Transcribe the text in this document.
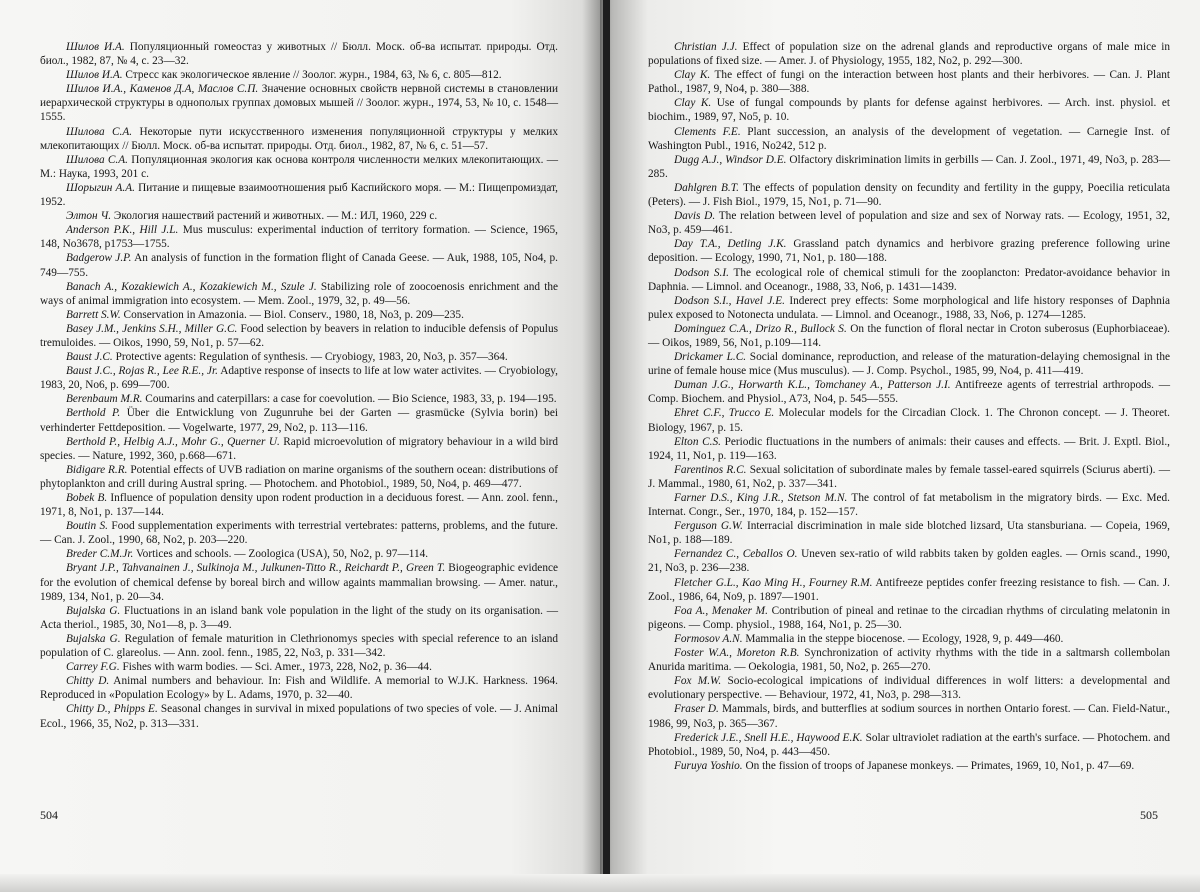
Шилов И.А. Популяционный гомеостаз у животных // Бюлл. Моск. об-ва испытат. природы. Отд. биол., 1982, 87, № 4, с. 23—32.

Шилов И.А. Стресс как экологическое явление // Зоолог. журн., 1984, 63, № 6, с. 805—812.

Шилов И.А., Каменов Д.А, Маслов С.П. Значение основных свойств нервной системы в становлении иерархической структуры в однополых группах домовых мышей // Зоолог. журн., 1974, 53, № 10, с. 1548—1555.

Шилова С.А. Некоторые пути искусственного изменения популяционной структуры у мелких млекопитающих // Бюлл. Моск. об-ва испытат. природы. Отд. биол., 1982, 87, № 6, с. 51—57.

Шилова С.А. Популяционная экология как основа контроля численности мелких млекопитающих. — М.: Наука, 1993, 201 с.

Шорыгин А.А. Питание и пищевые взаимоотношения рыб Каспийского моря. — М.: Пищепромиздат, 1952.

Элтон Ч. Экология нашествий растений и животных. — М.: ИЛ, 1960, 229 с.

Anderson P.K., Hill J.L. Mus musculus: experimental induction of territory formation. — Science, 1965, 148, No3678, p1753—1755.

Badgerow J.P. An analysis of function in the formation flight of Canada Geese. — Auk, 1988, 105, No4, p. 749—755.

Banach A., Kozakiewich A., Kozakiewich M., Szule J. Stabilizing role of zoocoenosis enrichment and the ways of animal immigration into ecosystem. — Mem. Zool., 1979, 32, p. 49—56.

Barrett S.W. Conservation in Amazonia. — Biol. Conserv., 1980, 18, No3, p. 209—235.

Basey J.M., Jenkins S.H., Miller G.C. Food selection by beavers in relation to inducible defensis of Populus tremuloides. — Oikos, 1990, 59, No1, p. 57—62.

Baust J.C. Protective agents: Regulation of synthesis. — Cryobiogy, 1983, 20, No3, p. 357—364.

Baust J.C., Rojas R., Lee R.E., Jr. Adaptive response of insects to life at low water activites. — Cryobiology, 1983, 20, No6, p. 699—700.

Berenbaum M.R. Coumarins and caterpillars: a case for coevolution. — Bio Science, 1983, 33, p. 194—195.

Berthold P. Über die Entwicklung von Zugunruhe bei der Garten — grasmücke (Sylvia borin) bei verhinderter Fettdeposition. — Vogelwarte, 1977, 29, No2, p. 113—116.

Berthold P., Helbig A.J., Mohr G., Querner U. Rapid microevolution of migratory behaviour in a wild bird species. — Nature, 1992, 360, p.668—671.

Bidigare R.R. Potential effects of UVB radiation on marine organisms of the southern ocean: distributions of phytoplankton and crill during Austral spring. — Photochem. and Photobiol., 1989, 50, No4, p. 469—477.

Bobek B. Influence of population density upon rodent production in a deciduous forest. — Ann. zool. fenn., 1971, 8, No1, p. 137—144.

Boutin S. Food supplementation experiments with terrestrial vertebrates: patterns, problems, and the future. — Can. J. Zool., 1990, 68, No2, p. 203—220.

Breder C.M.Jr. Vortices and schools. — Zoologica (USA), 50, No2, p. 97—114.

Bryant J.P., Tahvanainen J., Sulkinoja M., Julkunen-Titto R., Reichardt P., Green T. Biogeographic evidence for the evolution of chemical defense by boreal birch and willow againts mammalian browsing. — Amer. natur., 1989, 134, No1, p. 20—34.

Bujalska G. Fluctuations in an island bank vole population in the light of the study on its organisation. — Acta theriol., 1985, 30, No1—8, p. 3—49.

Bujalska G. Regulation of female maturition in Clethrionomys species with special reference to an island population of C. glareolus. — Ann. zool. fenn., 1985, 22, No3, p. 331—342.

Carrey F.G. Fishes with warm bodies. — Sci. Amer., 1973, 228, No2, p. 36—44.

Chitty D. Animal numbers and behaviour. In: Fish and Wildlife. A memorial to W.J.K. Harkness. 1964. Reproduced in «Population Ecology» by L. Adams, 1970, p. 32—40.

Chitty D., Phipps E. Seasonal changes in survival in mixed populations of two species of vole. — J. Animal Ecol., 1966, 35, No2, p. 313—331.

Christian J.J. Effect of population size on the adrenal glands and reproductive organs of male mice in populations of fixed size. — Amer. J. of Physiology, 1955, 182, No2, p. 292—300.

Clay K. The effect of fungi on the interaction between host plants and their herbivores. — Can. J. Plant Pathol., 1987, 9, No4, p. 380—388.

Clay K. Use of fungal compounds by plants for defense against herbivores. — Arch. inst. physiol. et biochim., 1989, 97, No5, p. 10.

Clements F.E. Plant succession, an analysis of the development of vegetation. — Carnegie Inst. of Washington Publ., 1916, No242, 512 p.

Dugg A.J., Windsor D.E. Olfactory diskrimination limits in gerbills — Can. J. Zool., 1971, 49, No3, p. 283—285.

Dahlgren B.T. The effects of population density on fecundity and fertility in the guppy, Poecilia reticulata (Peters). — J. Fish Biol., 1979, 15, No1, p. 71—90.

Davis D. The relation between level of population and size and sex of Norway rats. — Ecology, 1951, 32, No3, p. 459—461.

Day T.A., Detling J.K. Grassland patch dynamics and herbivore grazing preference following urine deposition. — Ecology, 1990, 71, No1, p. 180—188.

Dodson S.I. The ecological role of chemical stimuli for the zooplancton: Predator-avoidance behavior in Daphnia. — Limnol. and Oceanogr., 1988, 33, No6, p. 1431—1439.

Dodson S.I., Havel J.E. Inderect prey effects: Some morphological and life history responses of Daphnia pulex exposed to Notonecta undulata. — Limnol. and Oceanogr., 1988, 33, No6, p. 1274—1285.

Dominguez C.A., Drizo R., Bullock S. On the function of floral nectar in Croton suberosus (Euphorbiaceae). — Oikos, 1989, 56, No1, p.109—114.

Drickamer L.C. Social dominance, reproduction, and release of the maturation-delaying chemosignal in the urine of female house mice (Mus musculus). — J. Comp. Psychol., 1985, 99, No4, p. 411—419.

Duman J.G., Horwarth K.L., Tomchaney A., Patterson J.I. Antifreeze agents of terrestrial arthropods. — Comp. Biochem. and Physiol., A73, No4, p. 545—555.

Ehret C.F., Trucco E. Molecular models for the Circadian Clock. 1. The Chronon concept. — J. Theoret. Biology, 1967, p. 15.

Elton C.S. Periodic fluctuations in the numbers of animals: their causes and effects. — Brit. J. Exptl. Biol., 1924, 11, No1, p. 119—163.

Farentinos R.C. Sexual solicitation of subordinate males by female tassel-eared squirrels (Sciurus aberti). — J. Mammal., 1980, 61, No2, p. 337—341.

Farner D.S., King J.R., Stetson M.N. The control of fat metabolism in the migratory birds. — Exc. Med. Internat. Congr., Ser., 1970, 184, p. 152—157.

Ferguson G.W. Interracial discrimination in male side blotched lizsard, Uta stansburiana. — Copeia, 1969, No1, p. 188—189.

Fernandez C., Ceballos O. Uneven sex-ratio of wild rabbits taken by golden eagles. — Ornis scand., 1990, 21, No3, p. 236—238.

Fletcher G.L., Kao Ming H., Fourney R.M. Antifreeze peptides confer freezing resistance to fish. — Can. J. Zool., 1986, 64, No9, p. 1897—1901.

Foa A., Menaker M. Contribution of pineal and retinae to the circadian rhythms of circulating melatonin in pigeons. — Comp. physiol., 1988, 164, No1, p. 25—30.

Formosov A.N. Mammalia in the steppe biocenose. — Ecology, 1928, 9, p. 449—460.

Foster W.A., Moreton R.B. Synchronization of activity rhythms with the tide in a saltmarsh collembolan Anurida maritima. — Oekologia, 1981, 50, No2, p. 265—270.

Fox M.W. Socio-ecological impications of individual differences in wolf litters: a developmental and evolutionary perspective. — Behaviour, 1972, 41, No3, p. 298—313.

Fraser D. Mammals, birds, and butterflies at sodium sources in northen Ontario forest. — Can. Field-Natur., 1986, 99, No3, p. 365—367.

Frederick J.E., Snell H.E., Haywood E.K. Solar ultraviolet radiation at the earth's surface. — Photochem. and Photobiol., 1989, 50, No4, p. 443—450.

Furuya Yoshio. On the fission of troops of Japanese monkeys. — Primates, 1969, 10, No1, p. 47—69.

504	505
